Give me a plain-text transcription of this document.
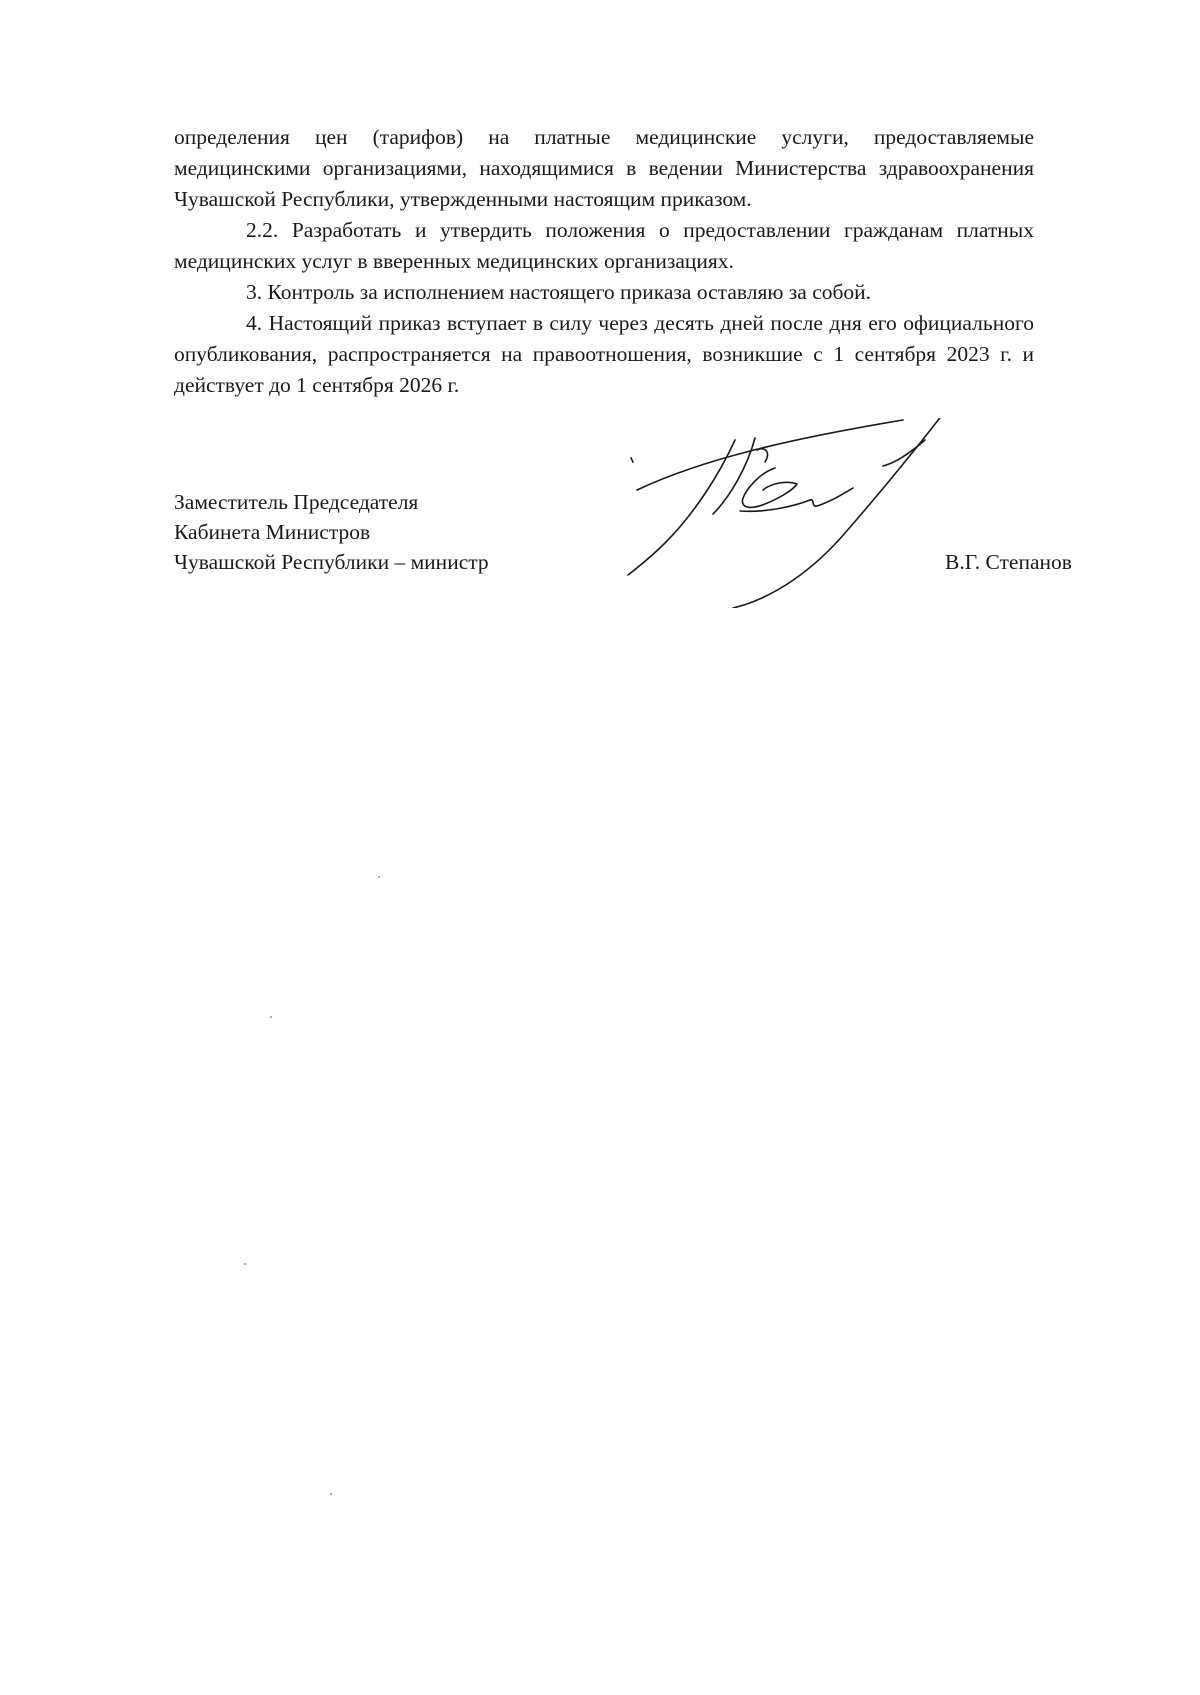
определения цен (тарифов) на платные медицинские услуги, предоставляемые медицинскими организациями, находящимися в ведении Министерства здравоохранения Чувашской Республики, утвержденными настоящим приказом.

2.2. Разработать и утвердить положения о предоставлении гражданам платных медицинских услуг в вверенных медицинских организациях.

3. Контроль за исполнением настоящего приказа оставляю за собой.

4. Настоящий приказ вступает в силу через десять дней после дня его официального опубликования, распространяется на правоотношения, возникшие с 1 сентября 2023 г. и действует до 1 сентября 2026 г.

Заместитель Председателя
Кабинета Министров
Чувашской Республики – министр	В.Г. Степанов
